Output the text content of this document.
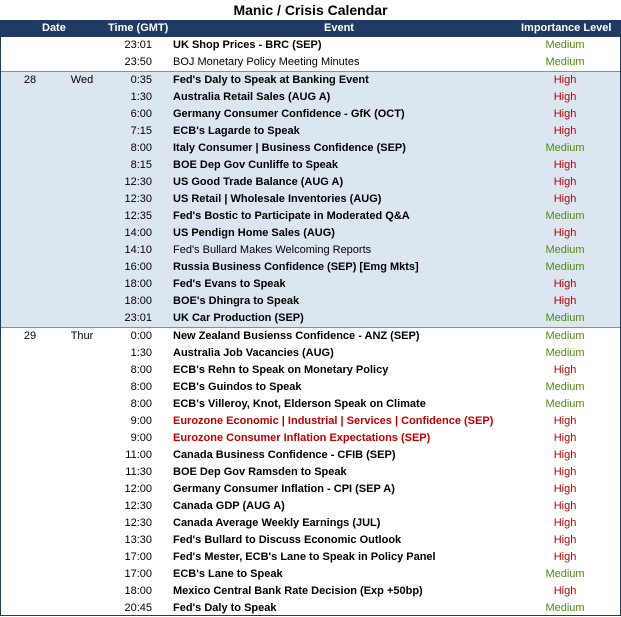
Manic / Crisis Calendar
Date	Time (GMT)	Event	Importance Level
23:01 UK Shop Prices - BRC (SEP)	Medium
23:50 BOJ Monetary Policy Meeting Minutes	Medium
28	Wed	0:35 Fed's Daly to Speak at Banking Event	High
1:30 Australia Retail Sales (AUG A)	High
6:00 Germany Consumer Confidence - GfK (OCT)	High
7:15 ECB's Lagarde to Speak	High
8:00 Italy Consumer | Business Confidence (SEP)	Medium
8:15 BOE Dep Gov Cunliffe to Speak	High
12:30 US Good Trade Balance (AUG A)	High
12:30 US Retail | Wholesale Inventories (AUG)	High
12:35 Fed's Bostic to Participate in Moderated Q&A	Medium
14:00 US Pendign Home Sales (AUG)	High
14:10 Fed's Bullard Makes Welcoming Reports	Medium
16:00 Russia Business Confidence (SEP) [Emg Mkts]	Medium
18:00 Fed's Evans to Speak	High
18:00 BOE's Dhingra to Speak	High
23:01 UK Car Production (SEP)	Medium
29	Thur	0:00 New Zealand Busienss Confidence - ANZ (SEP)	Medium
1:30 Australia Job Vacancies (AUG)	Medium
8:00 ECB's Rehn to Speak on Monetary Policy	High
8:00 ECB's Guindos to Speak	Medium
8:00 ECB's Villeroy, Knot, Elderson Speak on Climate	Medium
9:00 Eurozone Economic | Industrial | Services | Confidence (SEP)	High
9:00 Eurozone Consumer Inflation Expectations (SEP)	High
11:00 Canada Business Confidence - CFIB (SEP)	High
11:30 BOE Dep Gov Ramsden to Speak	High
12:00 Germany Consumer Inflation - CPI (SEP A)	High
12:30 Canada GDP (AUG A)	High
12:30 Canada Average Weekly Earnings (JUL)	High
13:30 Fed's Bullard to Discuss Economic Outlook	High
17:00 Fed's Mester, ECB's Lane to Speak in Policy Panel	High
17:00 ECB's Lane to Speak	Medium
18:00 Mexico Central Bank Rate Decision (Exp +50bp)	High
20:45 Fed's Daly to Speak	Medium
